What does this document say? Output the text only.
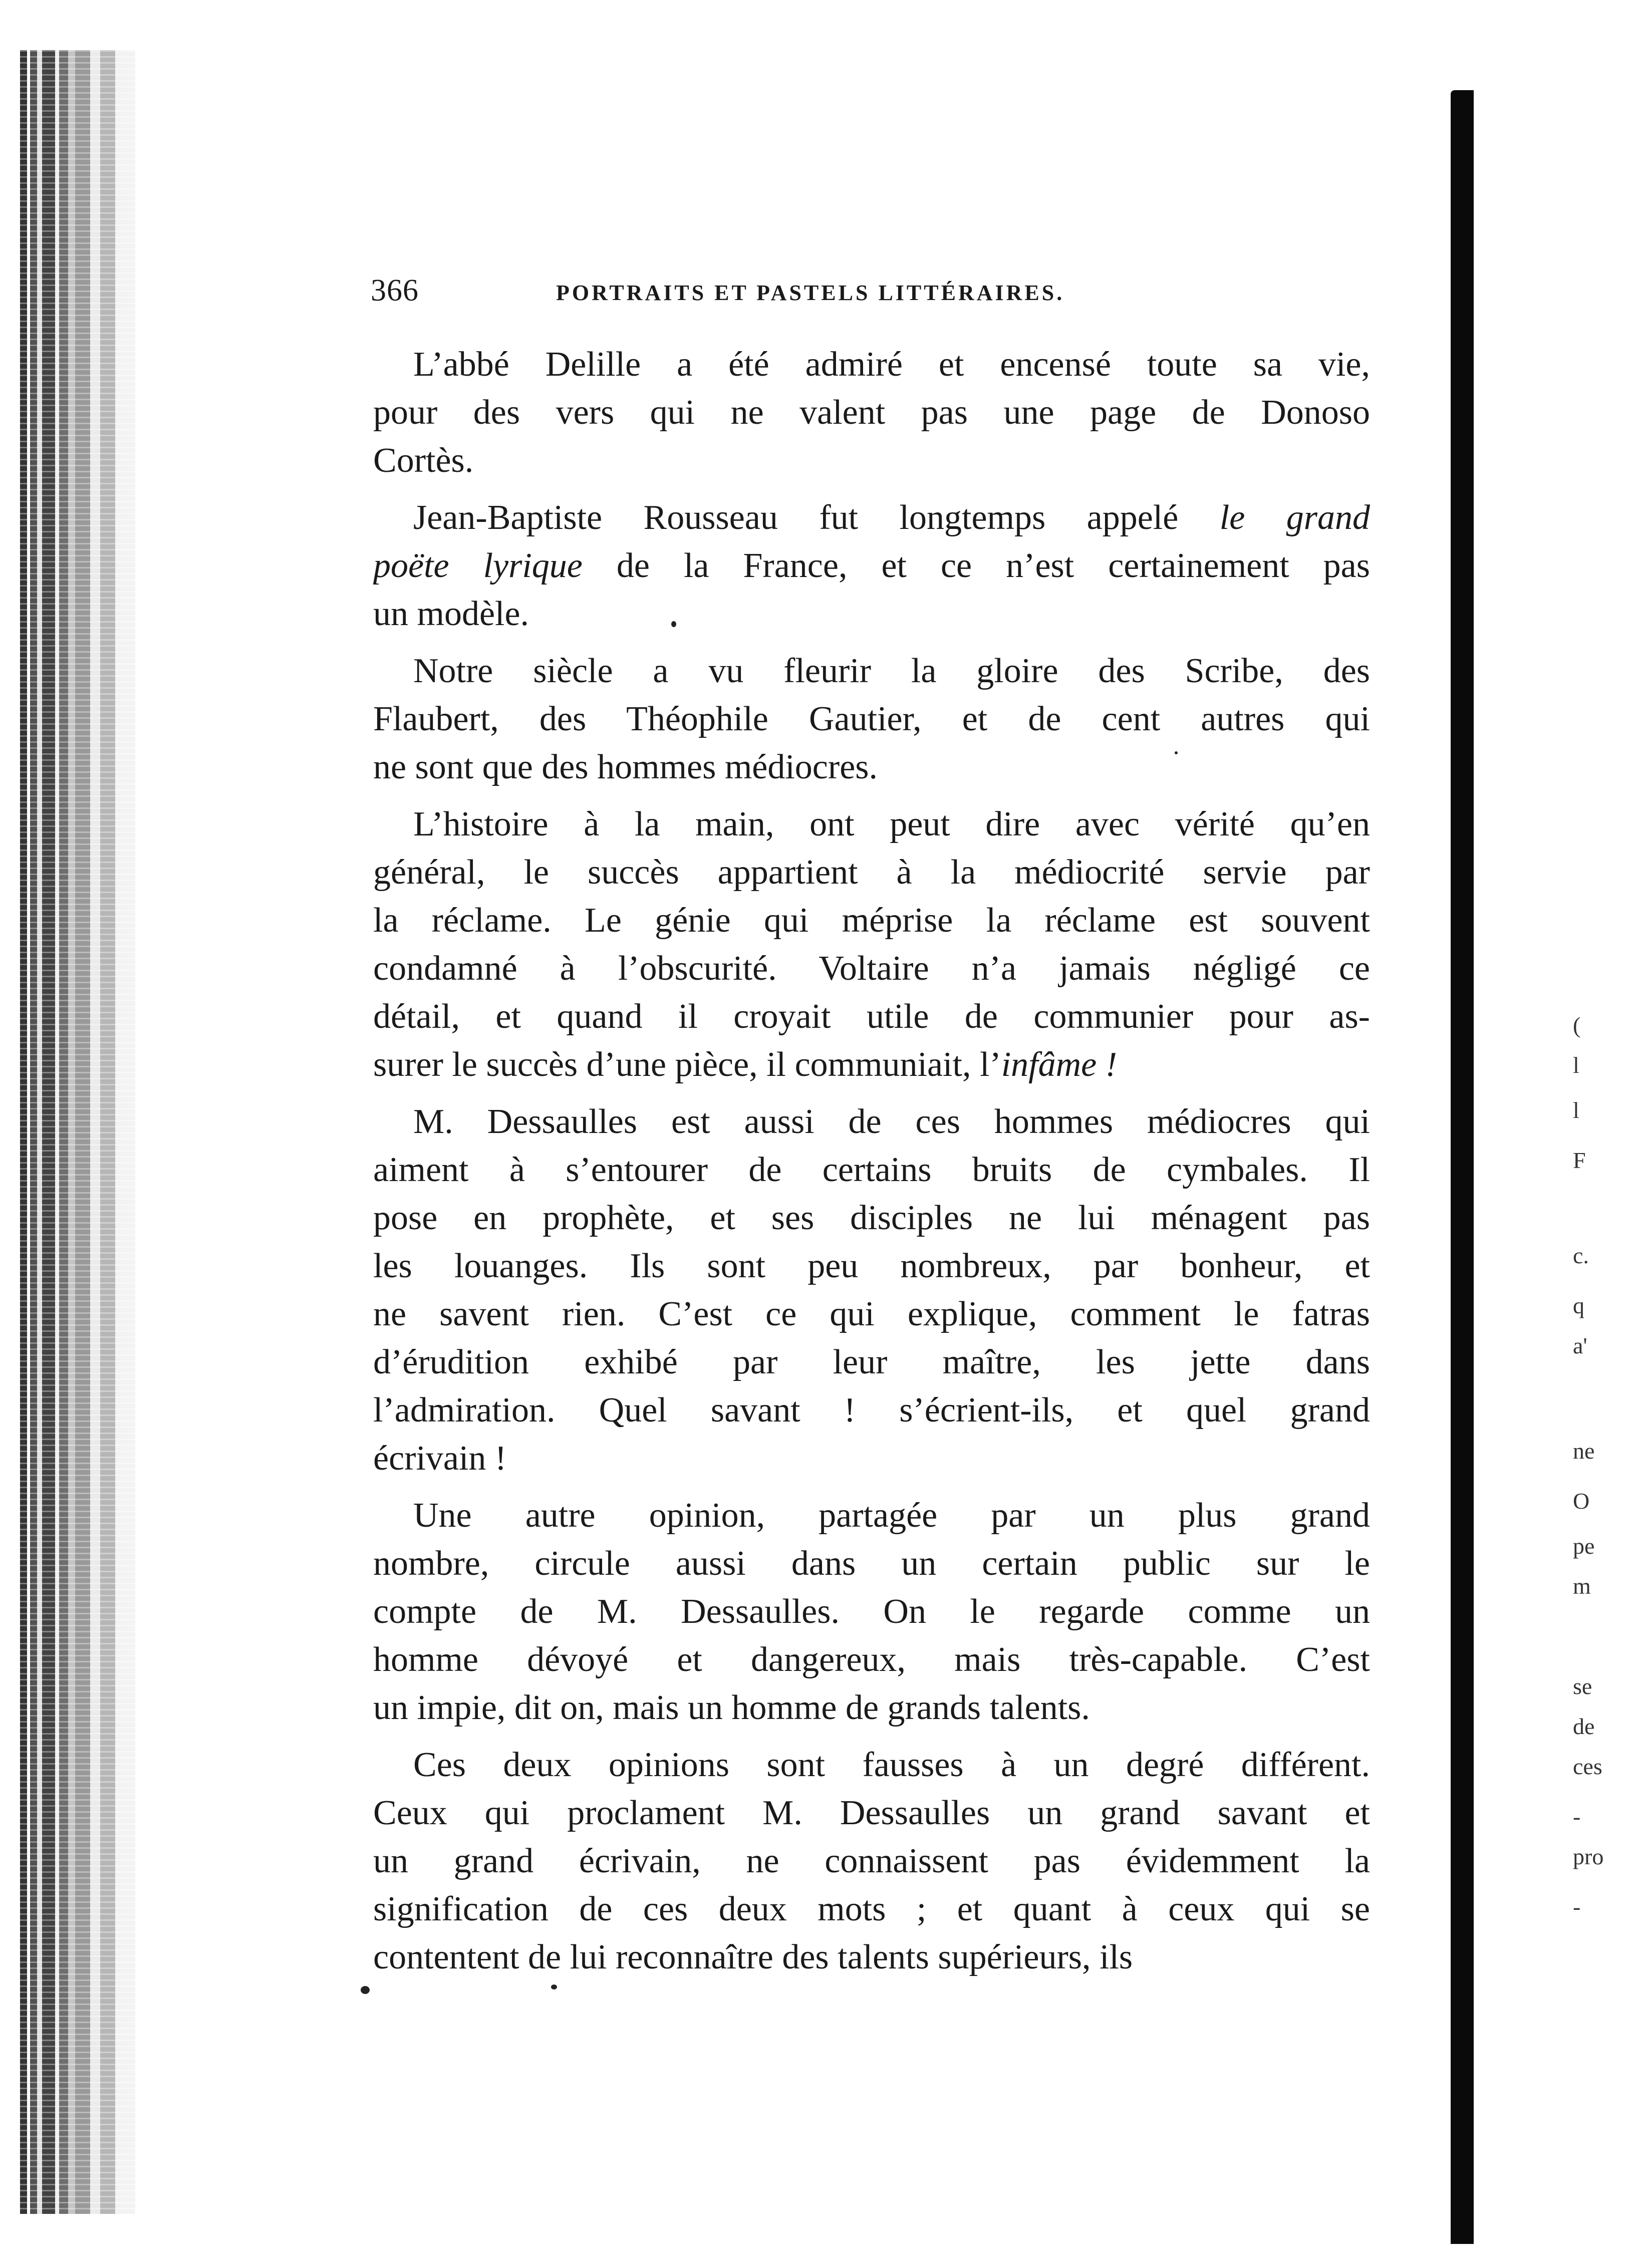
366	PORTRAITS ET PASTELS LITTÉRAIRES.
L’abbé Delille a été admiré et encensé toute sa vie,
pour des vers qui ne valent pas une page de Donoso
Cortès.
Jean-Baptiste Rousseau fut longtemps appelé le grand
poëte lyrique de la France, et ce n’est certainement pas
un modèle.
Notre siècle a vu fleurir la gloire des Scribe, des
Flaubert, des Théophile Gautier, et de cent autres qui
ne sont que des hommes médiocres.
L’histoire à la main, ont peut dire avec vérité qu’en
général, le succès appartient à la médiocrité servie par
la réclame. Le génie qui méprise la réclame est souvent
condamné à l’obscurité. Voltaire n’a jamais négligé ce
détail, et quand il croyait utile de communier pour as-
surer le succès d’une pièce, il communiait, l’infâme !
M. Dessaulles est aussi de ces hommes médiocres qui
aiment à s’entourer de certains bruits de cymbales. Il
pose en prophète, et ses disciples ne lui ménagent pas
les louanges. Ils sont peu nombreux, par bonheur, et
ne savent rien. C’est ce qui explique, comment le fatras
d’érudition exhibé par leur maître, les jette dans
l’admiration. Quel savant ! s’écrient-ils, et quel grand
écrivain !
Une autre opinion, partagée par un plus grand
nombre, circule aussi dans un certain public sur le
compte de M. Dessaulles. On le regarde comme un
homme dévoyé et dangereux, mais très-capable. C’est
un impie, dit on, mais un homme de grands talents.
Ces deux opinions sont fausses à un degré différent.
Ceux qui proclament M. Dessaulles un grand savant et
un grand écrivain, ne connaissent pas évidemment la
signification de ces deux mots ; et quant à ceux qui se
contentent de lui reconnaître des talents supérieurs, ils
(
l
l
F
c.
q
a'
ne
O
pe
m
se
de
ces
-
pro
-
